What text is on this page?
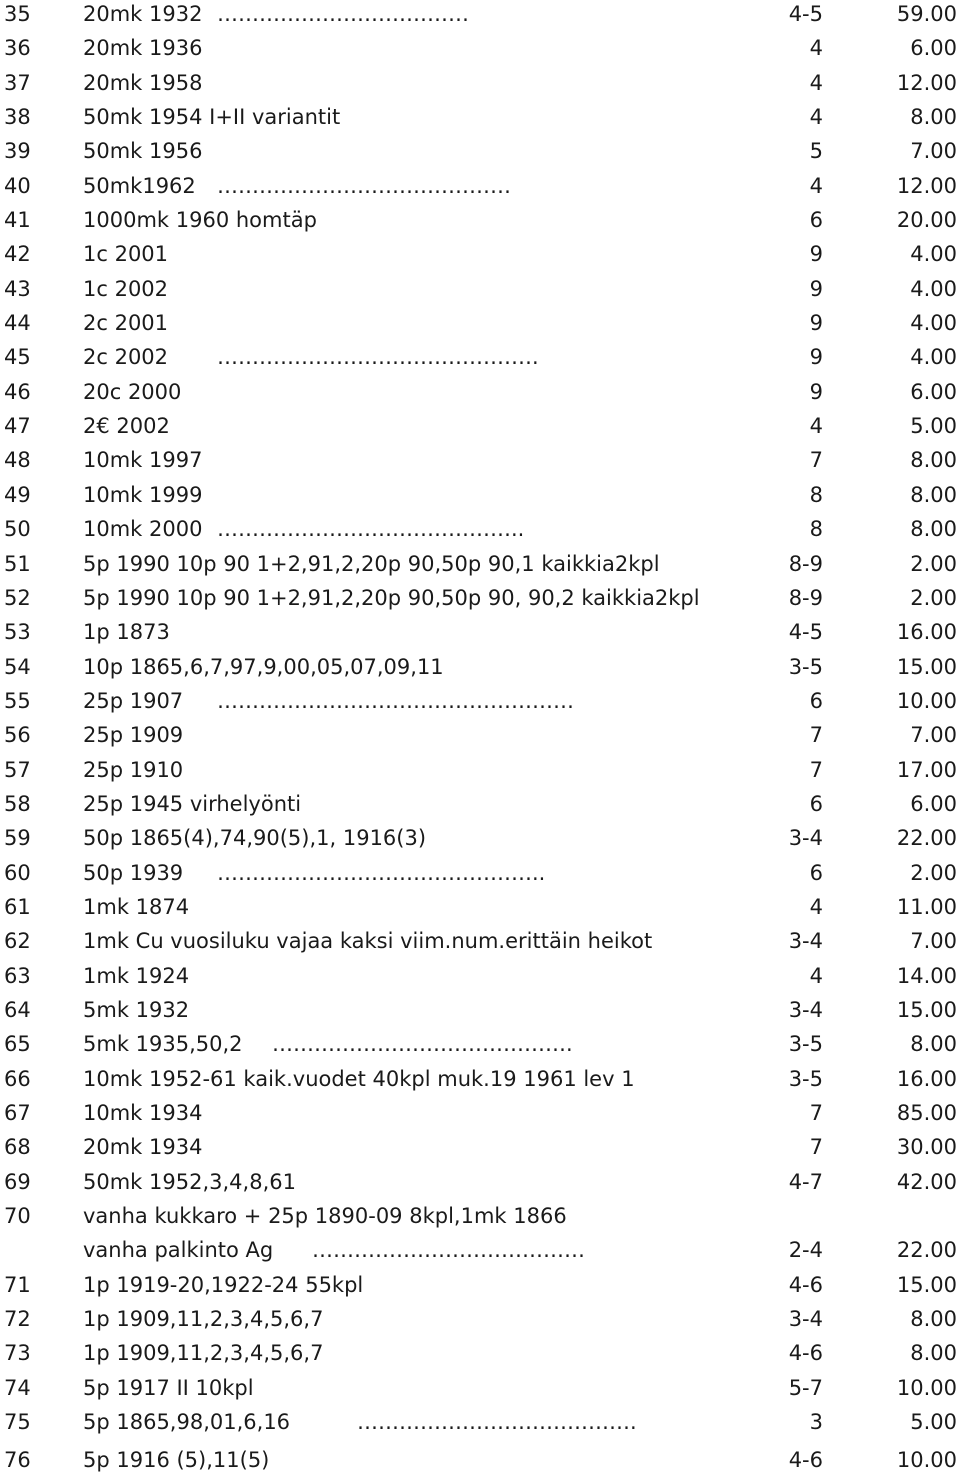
35 20mk 1932 ………………………………	4-5	59.00
36 20mk 1936	4	6.00
37 20mk 1958	4	12.00
38 50mk 1954 I+II variantit	4	8.00
39 50mk 1956	5	7.00
40 50mk1962 ……………………………………	4	12.00
41 1000mk 1960 homtäp	6	20.00
42 1c 2001	9	4.00
43 1c 2002	9	4.00
44 2c 2001	9	4.00
45 2c 2002 ……………………………………….	9	4.00
46 20c 2000	9	6.00
47 2€ 2002	4	5.00
48 10mk 1997	7	8.00
49 10mk 1999	8	8.00
50 10mk 2000 ……………………………………..	8	8.00
51 5p 1990 10p 90 1+2,91,2,20p 90,50p 90,1 kaikkia2kpl	8-9	2.00
52 5p 1990 10p 90 1+2,91,2,20p 90,50p 90, 90,2 kaikkia2kpl	8-9	2.00
53 1p 1873	4-5	16.00
54 10p 1865,6,7,97,9,00,05,07,09,11	3-5	15.00
55 25p 1907 ……………………………………………	6	10.00
56 25p 1909	7	7.00
57 25p 1910	7	17.00
58 25p 1945 virhelyönti	6	6.00
59 50p 1865(4),74,90(5),1, 1916(3)	3-4	22.00
60 50p 1939 ………………………………………..	6	2.00
61 1mk 1874	4	11.00
62 1mk Cu vuosiluku vajaa kaksi viim.num.erittäin heikot	3-4	7.00
63 1mk 1924	4	14.00
64 5mk 1932	3-4	15.00
65 5mk 1935,50,2 …………………………………….	3-5	8.00
66 10mk 1952-61 kaik.vuodet 40kpl muk.19 1961 lev 1	3-5	16.00
67 10mk 1934	7	85.00
68 20mk 1934	7	30.00
69 50mk 1952,3,4,8,61	4-7	42.00
70 vanha kukkaro + 25p 1890-09 8kpl,1mk 1866
vanha palkinto Ag …………………………………	2-4	22.00
71 1p 1919-20,1922-24 55kpl	4-6	15.00
72 1p 1909,11,2,3,4,5,6,7	3-4	8.00
73 1p 1909,11,2,3,4,5,6,7	4-6	8.00
74 5p 1917 II 10kpl	5-7	10.00
75 5p 1865,98,01,6,16	………………………………….	3	5.00
76 5p 1916 (5),11(5)	4-6	10.00
